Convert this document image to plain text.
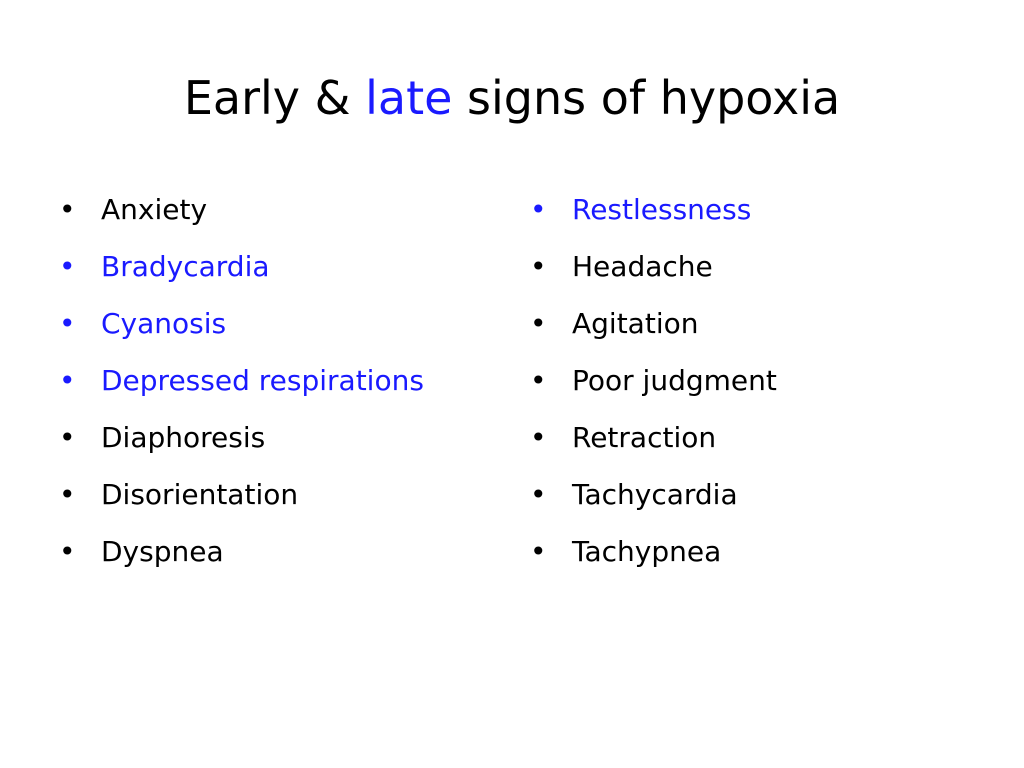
Early & late signs of hypoxia
• Anxiety
• Bradycardia
• Cyanosis
• Depressed respirations
• Diaphoresis
• Disorientation
• Dyspnea
• Restlessness
• Headache
• Agitation
• Poor judgment
• Retraction
• Tachycardia
• Tachypnea
